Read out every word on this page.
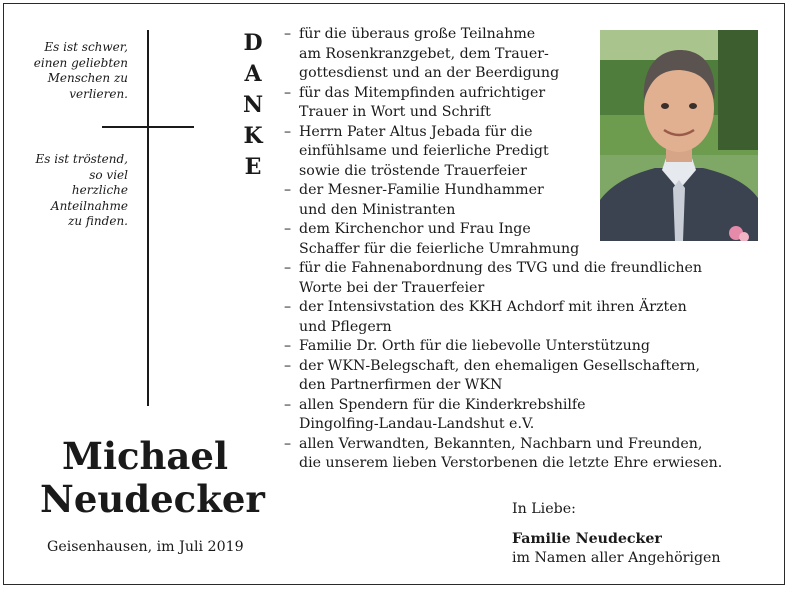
Es ist schwer,
einen geliebten
Menschen zu
verlieren.
Es ist tröstend,
so viel
herzliche
Anteilnahme
zu finden.
D
A
N
K
E
– für die überaus große Teilnahme
am Rosenkranzgebet, dem Trauer-
gottesdienst und an der Beerdigung
– für das Mitempfinden aufrichtiger
Trauer in Wort und Schrift
– Herrn Pater Altus Jebada für die
einfühlsame und feierliche Predigt
sowie die tröstende Trauerfeier
– der Mesner-Familie Hundhammer
und den Ministranten
– dem Kirchenchor und Frau Inge
Schaffer für die feierliche Umrahmung
– für die Fahnenabordnung des TVG und die freundlichen
Worte bei der Trauerfeier
– der Intensivstation des KKH Achdorf mit ihren Ärzten
und Pflegern
– Familie Dr. Orth für die liebevolle Unterstützung
– der WKN-Belegschaft, den ehemaligen Gesellschaftern,
den Partnerfirmen der WKN
– allen Spendern für die Kinderkrebshilfe
Dingolfing-Landau-Landshut e.V.
– allen Verwandten, Bekannten, Nachbarn und Freunden,
die unserem lieben Verstorbenen die letzte Ehre erwiesen.
Michael
Neudecker
Geisenhausen, im Juli 2019
In Liebe:
Familie Neudecker
im Namen aller Angehörigen
